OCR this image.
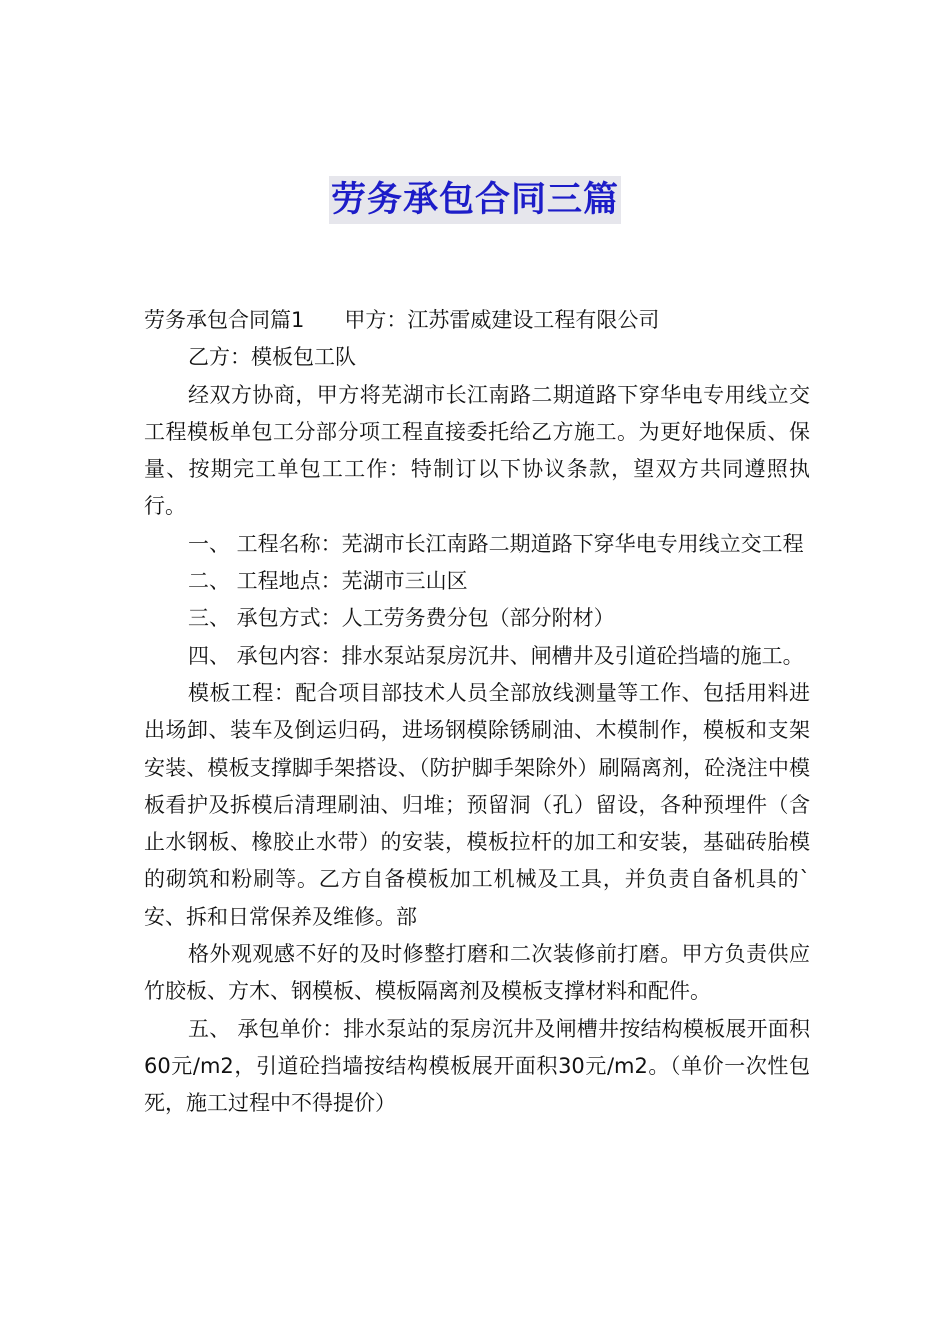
劳务承包合同三篇

劳务承包合同篇1 甲方：江苏雷威建设工程有限公司

乙方：模板包工队

经双方协商，甲方将芜湖市长江南路二期道路下穿华电专用线立交工程模板单包工分部分项工程直接委托给乙方施工。为更好地保质、保量、按期完工单包工工作：特制订以下协议条款，望双方共同遵照执行。

一、 工程名称：芜湖市长江南路二期道路下穿华电专用线立交工程

二、 工程地点：芜湖市三山区

三、 承包方式：人工劳务费分包（部分附材）

四、 承包内容：排水泵站泵房沉井、闸槽井及引道砼挡墙的施工。

模板工程：配合项目部技术人员全部放线测量等工作、包括用料进出场卸、装车及倒运归码，进场钢模除锈刷油、木模制作，模板和支架安装、模板支撑脚手架搭设、（防护脚手架除外）刷隔离剂，砼浇注中模板看护及拆模后清理刷油、归堆；预留洞（孔）留设，各种预埋件（含止水钢板、橡胶止水带）的安装，模板拉杆的加工和安装，基础砖胎模的砌筑和粉刷等。乙方自备模板加工机械及工具，并负责自备机具的`安、拆和日常保养及维修。部

格外观观感不好的及时修整打磨和二次装修前打磨。甲方负责供应竹胶板、方木、钢模板、模板隔离剂及模板支撑材料和配件。

五、 承包单价：排水泵站的泵房沉井及闸槽井按结构模板展开面积60元/m2，引道砼挡墙按结构模板展开面积30元/m2。（单价一次性包死，施工过程中不得提价）
